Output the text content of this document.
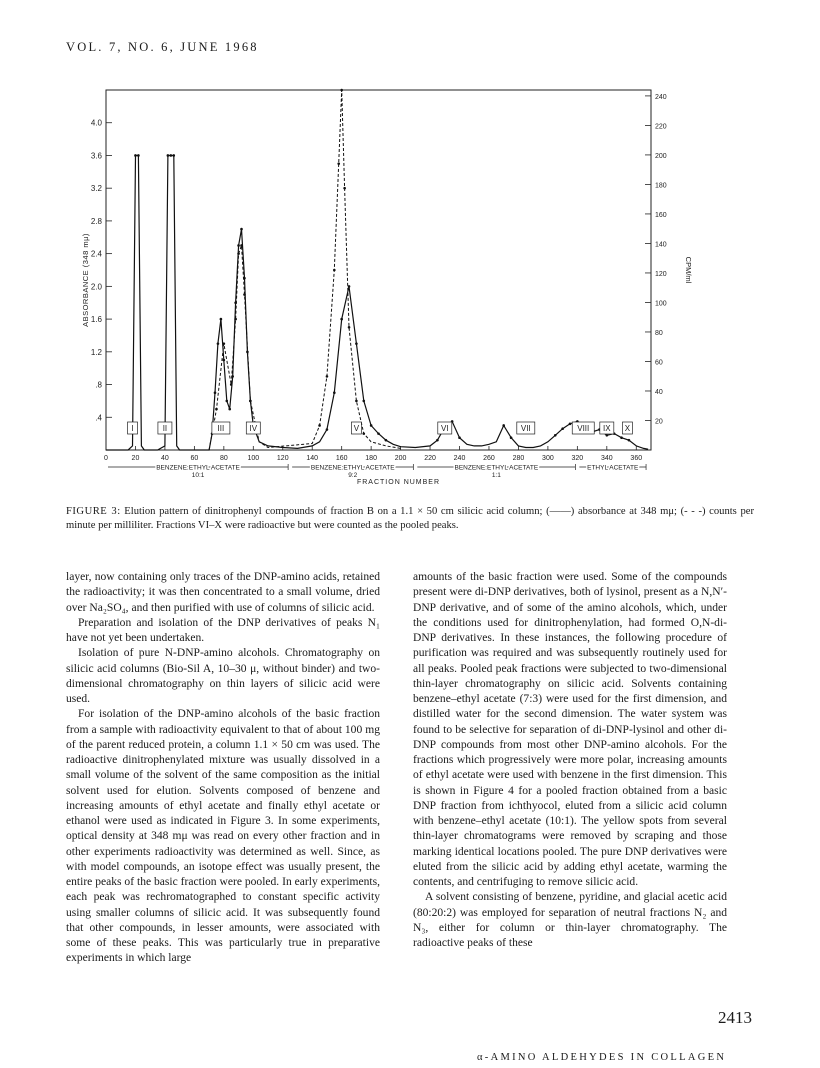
VOL. 7, NO. 6, JUNE 1968
0	20	40	60	80	100	120	140	160	180	200	220	240	260	280	300	320	340	360
.4
.8
1.2
1.6
2.0
2.4
2.8
3.2
3.6
4.0
20
40
60
80
100
120
140
160
180
200
220
240
ABSORBANCE (348 mμ)	CPM/ml
FRACTION NUMBER
I	II	III	IV	V	VI	VII	VIII IX X
BENZENE:ETHYL ACETATE
10:1
BENZENE:ETHYL ACETATE
9:2
BENZENE:ETHYL ACETATE
1:1
ETHYL ACETATE
FIGURE 3: Elution pattern of dinitrophenyl compounds of fraction B on a 1.1 × 50 cm silicic acid column; (——) absorbance at 348 mμ; (- - -) counts per minute per milliliter. Fractions VI–X were radioactive but were counted as the pooled peaks.

layer, now containing only traces of the DNP-amino acids, retained the radioactivity; it was then concentrated to a small volume, dried over Na₂SO₄, and then purified with use of columns of silicic acid.

Preparation and isolation of the DNP derivatives of peaks N₁ have not yet been undertaken.

Isolation of pure N-DNP-amino alcohols. Chromatography on silicic acid columns (Bio-Sil A, 10–30 μ, without binder) and two-dimensional chromatography on thin layers of silicic acid were used.

For isolation of the DNP-amino alcohols of the basic fraction from a sample with radioactivity equivalent to that of about 100 mg of the parent reduced protein, a column 1.1 × 50 cm was used. The radioactive dinitrophenylated mixture was usually dissolved in a small volume of the solvent of the same composition as the initial solvent used for elution. Solvents composed of benzene and increasing amounts of ethyl acetate and finally ethyl acetate or ethanol were used as indicated in Figure 3. In some experiments, optical density at 348 mμ was read on every other fraction and in other experiments radioactivity was determined as well. Since, as with model compounds, an isotope effect was usually present, the entire peaks of the basic fraction were pooled. In early experiments, each peak was rechromatographed to constant specific activity using smaller columns of silicic acid. It was subsequently found that other compounds, in lesser amounts, were associated with some of these peaks. This was particularly true in preparative experiments in which large

amounts of the basic fraction were used. Some of the compounds present were di-DNP derivatives, both of lysinol, present as a N,N′-DNP derivative, and of some of the amino alcohols, which, under the conditions used for dinitrophenylation, had formed O,N-di-DNP derivatives. In these instances, the following procedure of purification was required and was subsequently routinely used for all peaks. Pooled peak fractions were subjected to two-dimensional thin-layer chromatography on silicic acid. Solvents containing benzene–ethyl acetate (7:3) were used for the first dimension, and distilled water for the second dimension. The water system was found to be selective for separation of di-DNP-lysinol and other di-DNP compounds from most other DNP-amino alcohols. For the fractions which progressively were more polar, increasing amounts of ethyl acetate were used with benzene in the first dimension. This is shown in Figure 4 for a pooled fraction obtained from a basic DNP fraction from ichthyocol, eluted from a silicic acid column with benzene–ethyl acetate (10:1). The yellow spots from several thin-layer chromatograms were removed by scraping and those marking identical locations pooled. The pure DNP derivatives were eluted from the silicic acid by adding ethyl acetate, warming the contents, and centrifuging to remove silicic acid.

A solvent consisting of benzene, pyridine, and glacial acetic acid (80:20:2) was employed for separation of neutral fractions N₂ and N₃, either for column or thin-layer chromatography. The radioactive peaks of these

2413
α-AMINO ALDEHYDES IN COLLAGEN
